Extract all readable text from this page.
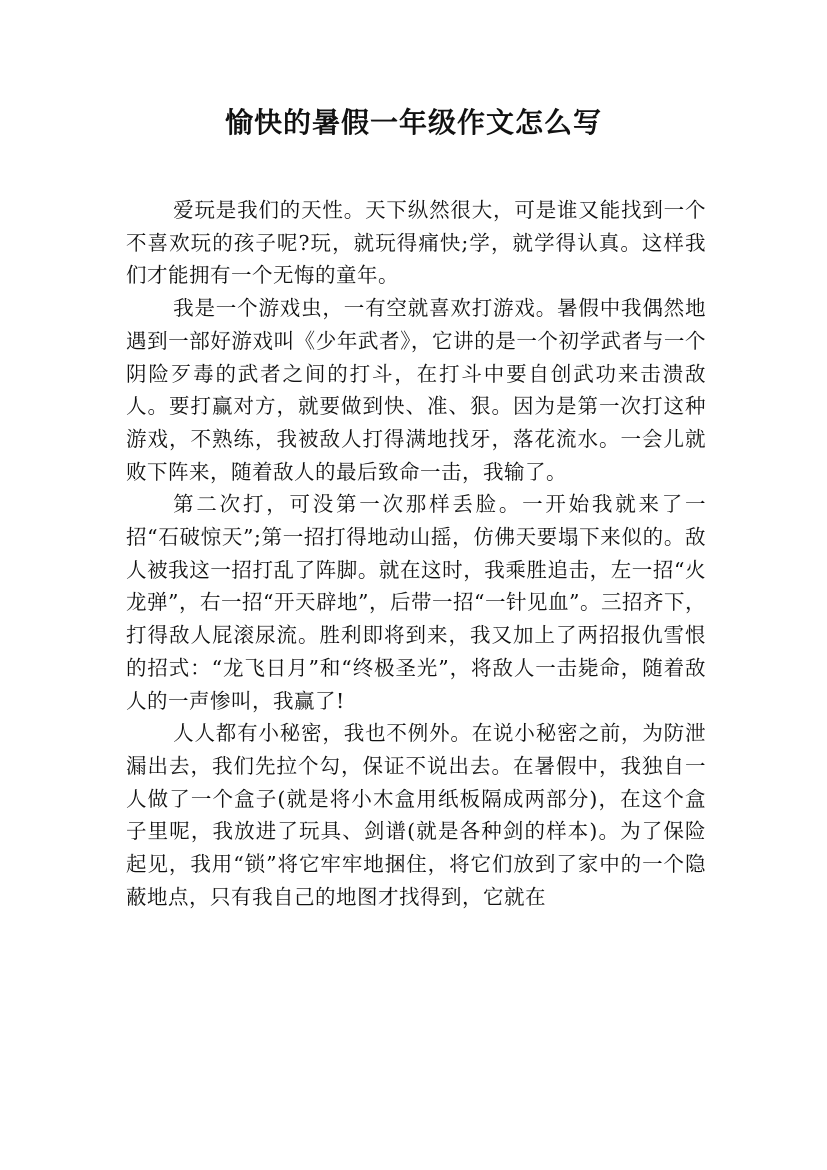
愉快的暑假一年级作文怎么写

爱玩是我们的天性。天下纵然很大，可是谁又能找到一个不喜欢玩的孩子呢?玩，就玩得痛快;学，就学得认真。这样我们才能拥有一个无悔的童年。

我是一个游戏虫，一有空就喜欢打游戏。暑假中我偶然地遇到一部好游戏叫《少年武者》，它讲的是一个初学武者与一个阴险歹毒的武者之间的打斗，在打斗中要自创武功来击溃敌人。要打赢对方，就要做到快、准、狠。因为是第一次打这种游戏，不熟练，我被敌人打得满地找牙，落花流水。一会儿就败下阵来，随着敌人的最后致命一击，我输了。

第二次打，可没第一次那样丢脸。一开始我就来了一招“石破惊天”;第一招打得地动山摇，仿佛天要塌下来似的。敌人被我这一招打乱了阵脚。就在这时，我乘胜追击，左一招“火龙弹”，右一招“开天辟地”，后带一招“一针见血”。三招齐下，打得敌人屁滚尿流。胜利即将到来，我又加上了两招报仇雪恨的招式：“龙飞日月”和“终极圣光”，将敌人一击毙命，随着敌人的一声惨叫，我赢了!

人人都有小秘密，我也不例外。在说小秘密之前，为防泄漏出去，我们先拉个勾，保证不说出去。在暑假中，我独自一人做了一个盒子(就是将小木盒用纸板隔成两部分)，在这个盒子里呢，我放进了玩具、剑谱(就是各种剑的样本)。为了保险起见，我用“锁”将它牢牢地捆住，将它们放到了家中的一个隐蔽地点，只有我自己的地图才找得到，它就在
